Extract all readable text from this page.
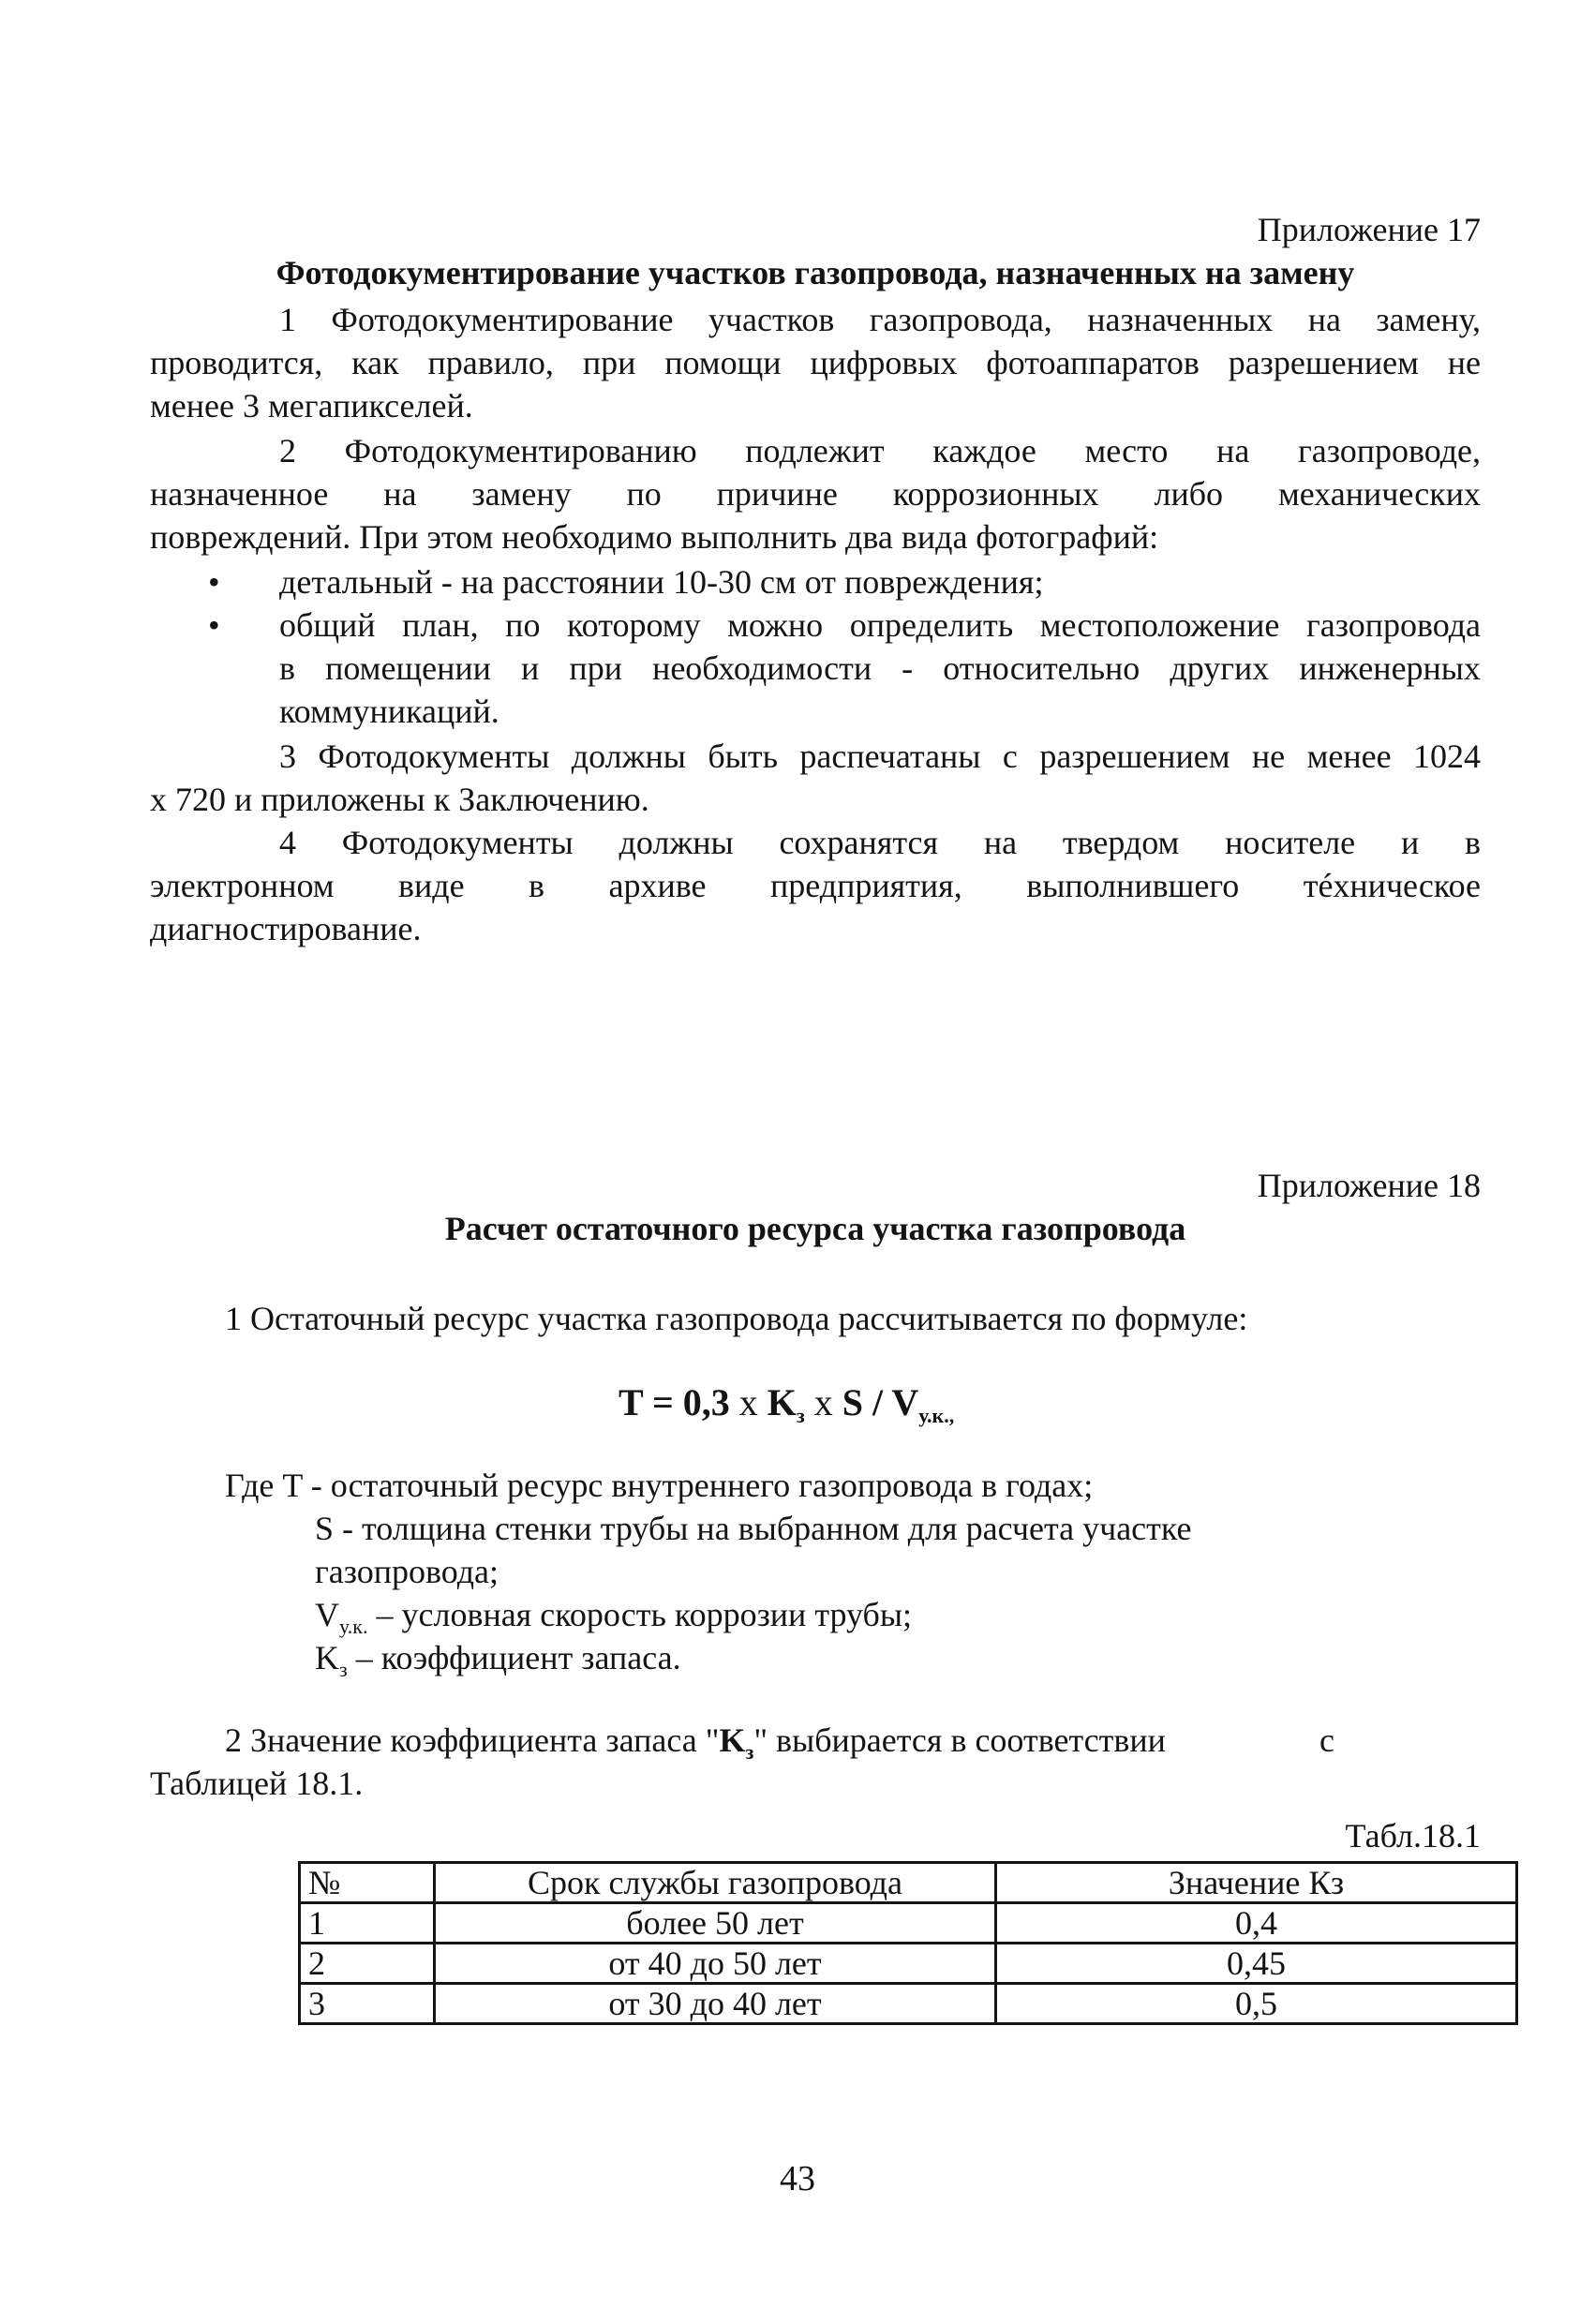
Приложение 17
Фотодокументирование участков газопровода, назначенных на замену
1 Фотодокументирование участков газопровода, назначенных на замену,
проводится, как правило, при помощи цифровых фотоаппаратов разрешением не
менее 3 мегапикселей.
2 Фотодокументированию подлежит каждое место на газопроводе,
назначенное на замену по причине коррозионных либо механических
повреждений. При этом необходимо выполнить два вида фотографий:
• детальный - на расстоянии 10-30 см от повреждения;
• общий план, по которому можно определить местоположение газопровода
в помещении и при необходимости - относительно других инженерных
коммуникаций.
3 Фотодокументы должны быть распечатаны с разрешением не менее 1024
х 720 и приложены к Заключению.
4 Фотодокументы должны сохранятся на твердом носителе и в
электронном виде в архиве предприятия, выполнившего тéхническое
диагностирование.
Приложение 18
Расчет остаточного ресурса участка газопровода
1 Остаточный ресурс участка газопровода рассчитывается по формуле:
T = 0,3 x $K_з$ x S / $V_{у.к.,}$
Где T - остаточный ресурс внутреннего газопровода в годах;
S - толщина стенки трубы на выбранном для расчета участке
газопровода;
$V_{у.к.}$ – условная скорость коррозии трубы;
$K_з$ – коэффициент запаса.
2 Значение коэффициента запаса "$K_з$" выбирается в соответствии	с
Таблицей 18.1.
Табл.18.1
№	Срок службы газопровода	Значение Кз
1	более 50 лет	0,4
2	от 40 до 50 лет	0,45
3	от 30 до 40 лет	0,5
43
